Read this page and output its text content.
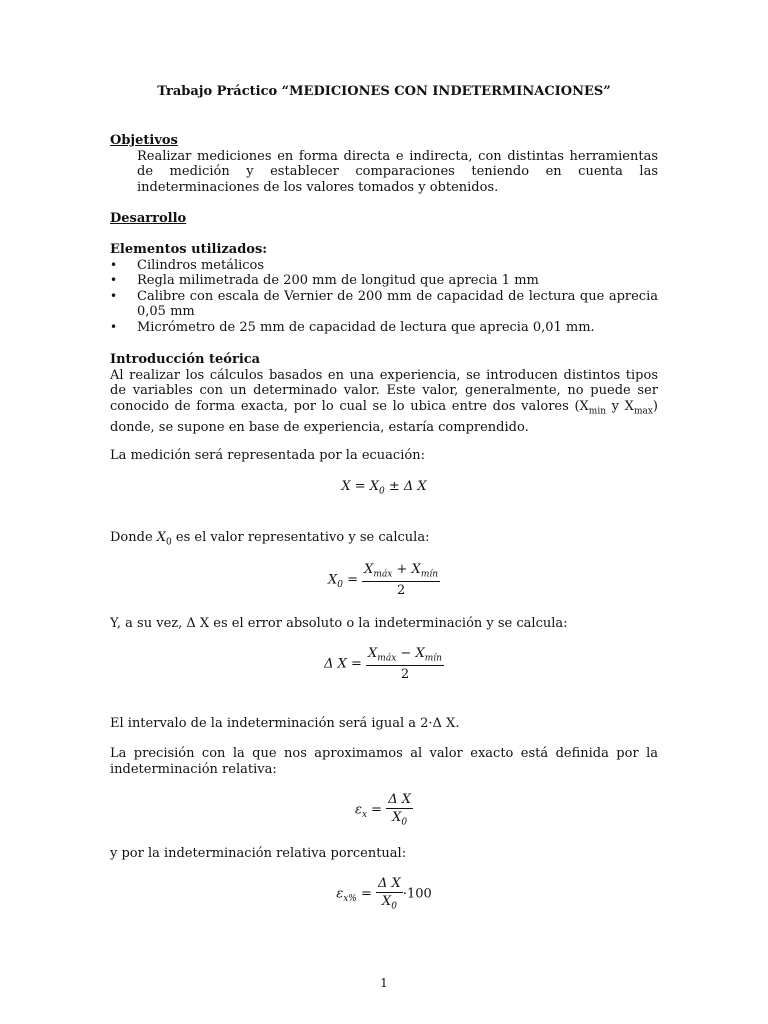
Trabajo Práctico “MEDICIONES CON INDETERMINACIONES”
Objetivos
Realizar mediciones en forma directa e indirecta, con distintas herramientas de medición y establecer comparaciones teniendo en cuenta las indeterminaciones de los valores tomados y obtenidos.
Desarrollo
Elementos utilizados:
• Cilindros metálicos
• Regla milimetrada de 200 mm de longitud que aprecia 1 mm
• Calibre con escala de Vernier de 200 mm de capacidad de lectura que aprecia 0,05 mm
• Micrómetro de 25 mm de capacidad de lectura que aprecia 0,01 mm.
Introducción teórica
Al realizar los cálculos basados en una experiencia, se introducen distintos tipos de variables con un determinado valor. Este valor, generalmente, no puede ser conocido de forma exacta, por lo cual se lo ubica entre dos valores ($X_{min}$ y $X_{max}$) donde, se supone en base de experiencia, estaría comprendido.
La medición será representada por la ecuación:
$X = X_0 \pm \Delta$ X
Donde $X_0$ es el valor representativo y se calcula:
$X_0 = \frac{X_{máx} + X_{mín}}{2}$
Y, a su vez, Δ X es el error absoluto o la indeterminación y se calcula:
Δ $X = \frac{X_{máx} - X_{mín}}{2}$
El intervalo de la indeterminación será igual a 2·Δ X.
La precisión con la que nos aproximamos al valor exacto está definida por la indeterminación relativa:
$\varepsilon_x = \frac{\text{Δ X}}{X_0}$
y por la indeterminación relativa porcentual:
$\varepsilon_{x\%} = \frac{\text{Δ X}}{X_0} \cdot 100$
1
